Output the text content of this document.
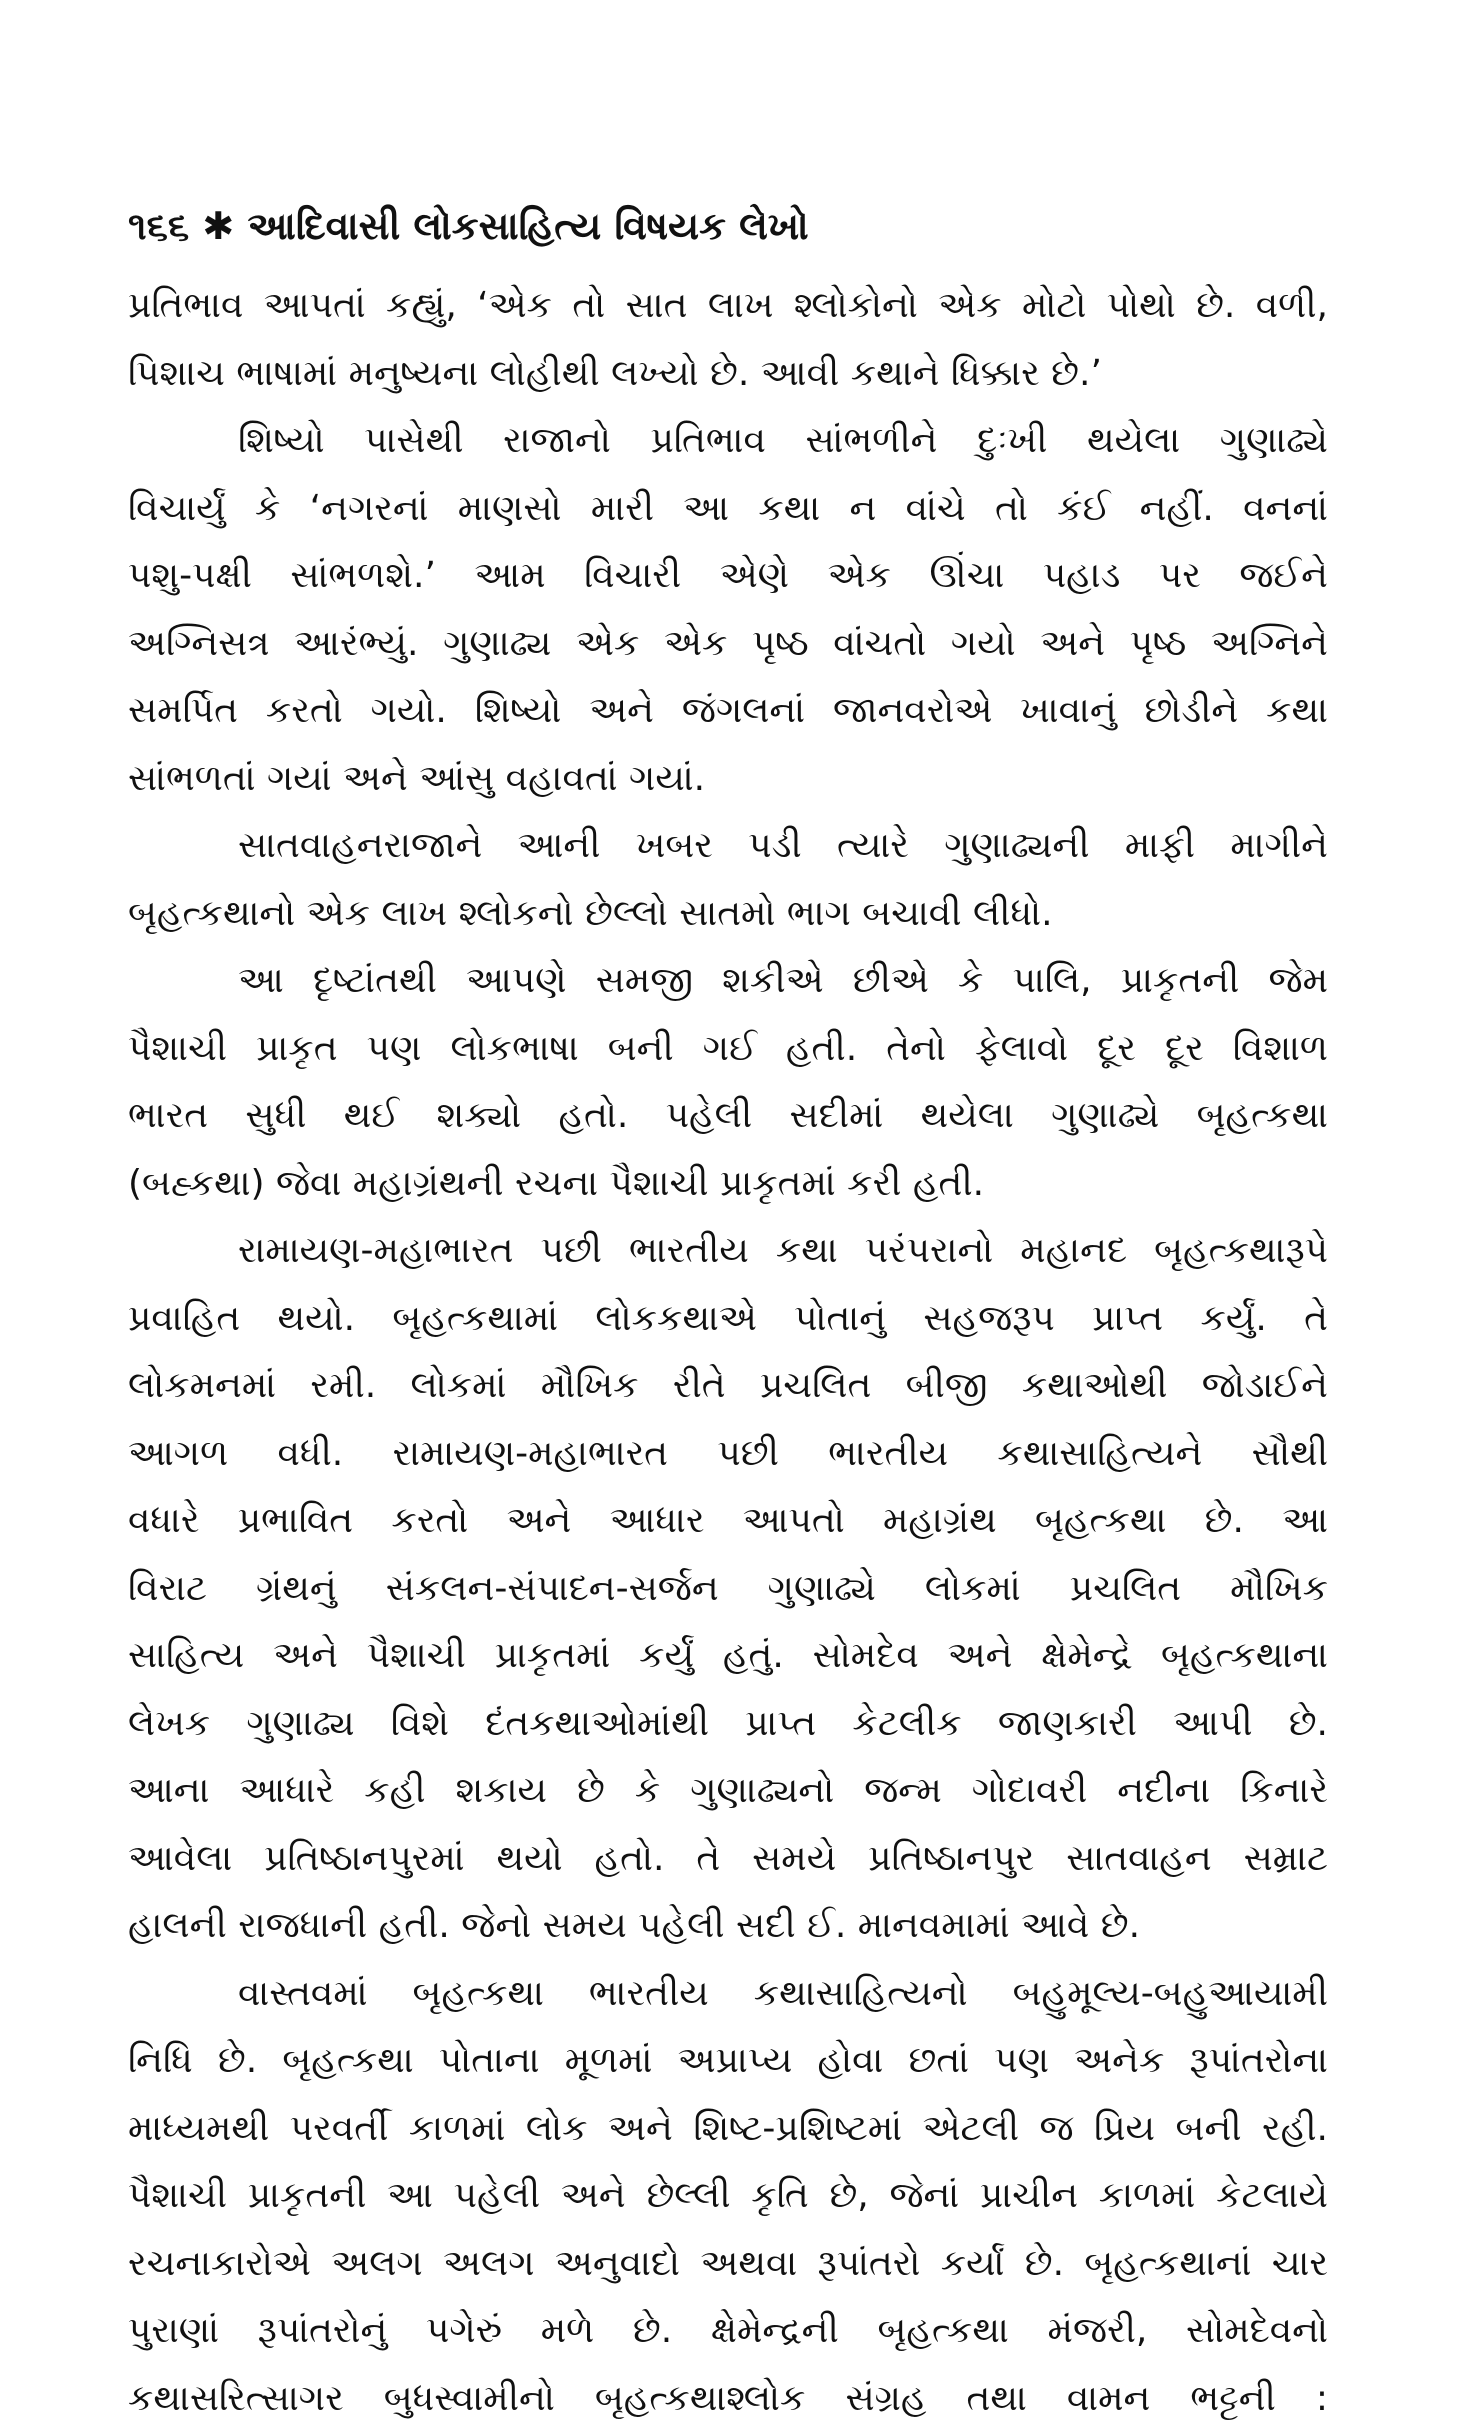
૧૬૬ ✱ આદિવાસી લોકસાહિત્ય વિષયક લેખો
પ્રતિભાવ આપતાં કહ્યું, ‘એક તો સાત લાખ શ્લોકોનો એક મોટો પોથો છે. વળી,
પિશાચ ભાષામાં મનુષ્યના લોહીથી લખ્યો છે. આવી કથાને ધિક્કાર છે.’
શિષ્યો પાસેથી રાજાનો પ્રતિભાવ સાંભળીને દુઃખી થયેલા ગુણાઢ્યે
વિચાર્યું કે ‘નગરનાં માણસો મારી આ કથા ન વાંચે તો કંઈ નહીં. વનનાં
પશુ-પક્ષી સાંભળશે.’ આમ વિચારી એણે એક ઊંચા પહાડ પર જઈને
અગ્નિસત્ર આરંભ્યું. ગુણાઢ્ય એક એક પૃષ્ઠ વાંચતો ગયો અને પૃષ્ઠ અગ્નિને
સમર્પિત કરતો ગયો. શિષ્યો અને જંગલનાં જાનવરોએ ખાવાનું છોડીને કથા
સાંભળતાં ગયાં અને આંસુ વહાવતાં ગયાં.
સાતવાહનરાજાને આની ખબર પડી ત્યારે ગુણાઢ્યની માફી માગીને
બૃહત્કથાનો એક લાખ શ્લોકનો છેલ્લો સાતમો ભાગ બચાવી લીધો.
આ દૃષ્ટાંતથી આપણે સમજી શકીએ છીએ કે પાલિ, પ્રાકૃતની જેમ
પૈશાચી પ્રાકૃત પણ લોકભાષા બની ગઈ હતી. તેનો ફેલાવો દૂર દૂર વિશાળ
ભારત સુધી થઈ શક્યો હતો. પહેલી સદીમાં થયેલા ગુણાઢ્યે બૃહત્કથા
(બહ્કથા) જેવા મહાગ્રંથની રચના પૈશાચી પ્રાકૃતમાં કરી હતી.
રામાયણ-મહાભારત પછી ભારતીય કથા પરંપરાનો મહાનદ બૃહત્કથારૂપે
પ્રવાહિત થયો. બૃહત્કથામાં લોકકથાએ પોતાનું સહજરૂપ પ્રાપ્ત કર્યું. તે
લોકમનમાં રમી. લોકમાં મૌખિક રીતે પ્રચલિત બીજી કથાઓથી જોડાઈને
આગળ વધી. રામાયણ-મહાભારત પછી ભારતીય કથાસાહિત્યને સૌથી
વધારે પ્રભાવિત કરતો અને આધાર આપતો મહાગ્રંથ બૃહત્કથા છે. આ
વિરાટ ગ્રંથનું સંકલન-સંપાદન-સર્જન ગુણાઢ્યે લોકમાં પ્રચલિત મૌખિક
સાહિત્ય અને પૈશાચી પ્રાકૃતમાં કર્યું હતું. સોમદેવ અને ક્ષેમેન્દ્રે બૃહત્કથાના
લેખક ગુણાઢ્ય વિશે દંતકથાઓમાંથી પ્રાપ્ત કેટલીક જાણકારી આપી છે.
આના આધારે કહી શકાય છે કે ગુણાઢ્યનો જન્મ ગોદાવરી નદીના કિનારે
આવેલા પ્રતિષ્ઠાનપુરમાં થયો હતો. તે સમયે પ્રતિષ્ઠાનપુર સાતવાહન સમ્રાટ
હાલની રાજધાની હતી. જેનો સમય પહેલી સદી ઈ. માનવમામાં આવે છે.
વાસ્તવમાં બૃહત્કથા ભારતીય કથાસાહિત્યનો બહુમૂલ્ય-બહુઆયામી
નિધિ છે. બૃહત્કથા પોતાના મૂળમાં અપ્રાપ્ય હોવા છતાં પણ અનેક રૂપાંતરોના
માધ્યમથી પરવર્તી કાળમાં લોક અને શિષ્ટ-પ્રશિષ્ટમાં એટલી જ પ્રિય બની રહી.
પૈશાચી પ્રાકૃતની આ પહેલી અને છેલ્લી કૃતિ છે, જેનાં પ્રાચીન કાળમાં કેટલાયે
રચનાકારોએ અલગ અલગ અનુવાદો અથવા રૂપાંતરો કર્યાં છે. બૃહત્કથાનાં ચાર
પુરાણાં રૂપાંતરોનું પગેરું મળે છે. ક્ષેમેન્દ્રની બૃહત્કથા મંજરી, સોમદેવનો
કથાસરિત્સાગર બુધસ્વામીનો બૃહત્કથાશ્લોક સંગ્રહ તથા વામન ભટ્ટની :
